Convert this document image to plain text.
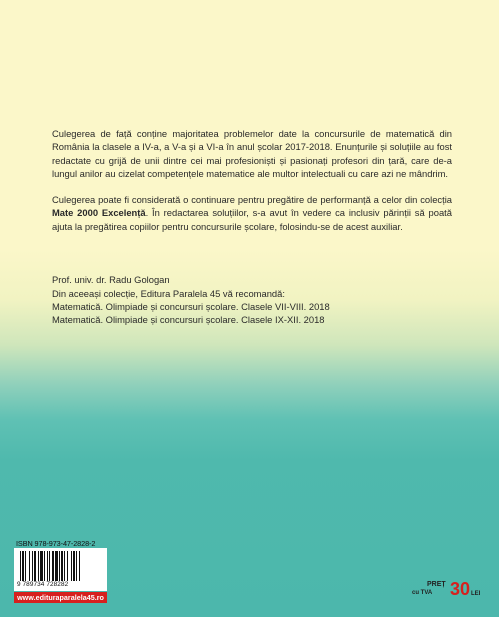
Culegerea de față conține majoritatea problemelor date la concursurile de matematică din România la clasele a IV-a, a V-a și a VI-a în anul școlar 2017-2018. Enunțurile și soluțiile au fost redactate cu grijă de unii dintre cei mai profesioniști și pasionați profesori din țară, care de-a lungul anilor au cizelat competențele matematice ale multor intelectuali cu care azi ne mândrim.

Culegerea poate fi considerată o continuare pentru pregătire de performanță a celor din colecția Mate 2000 Excelență. În redactarea soluțiilor, s-a avut în vedere ca inclusiv părinții să poată ajuta la pregătirea copiilor pentru concursurile școlare, folosindu-se de acest auxiliar.

Prof. univ. dr. Radu Gologan

Din aceeași colecție, Editura Paralela 45 vă recomandă:
Matematică. Olimpiade și concursuri școlare. Clasele VII-VIII. 2018
Matematică. Olimpiade și concursuri școlare. Clasele IX-XII. 2018
ISBN 978-973-47-2828-2
9 789734 728282
www.edituraparalela45.ro
PREȚ
cu TVA 30 LEI
